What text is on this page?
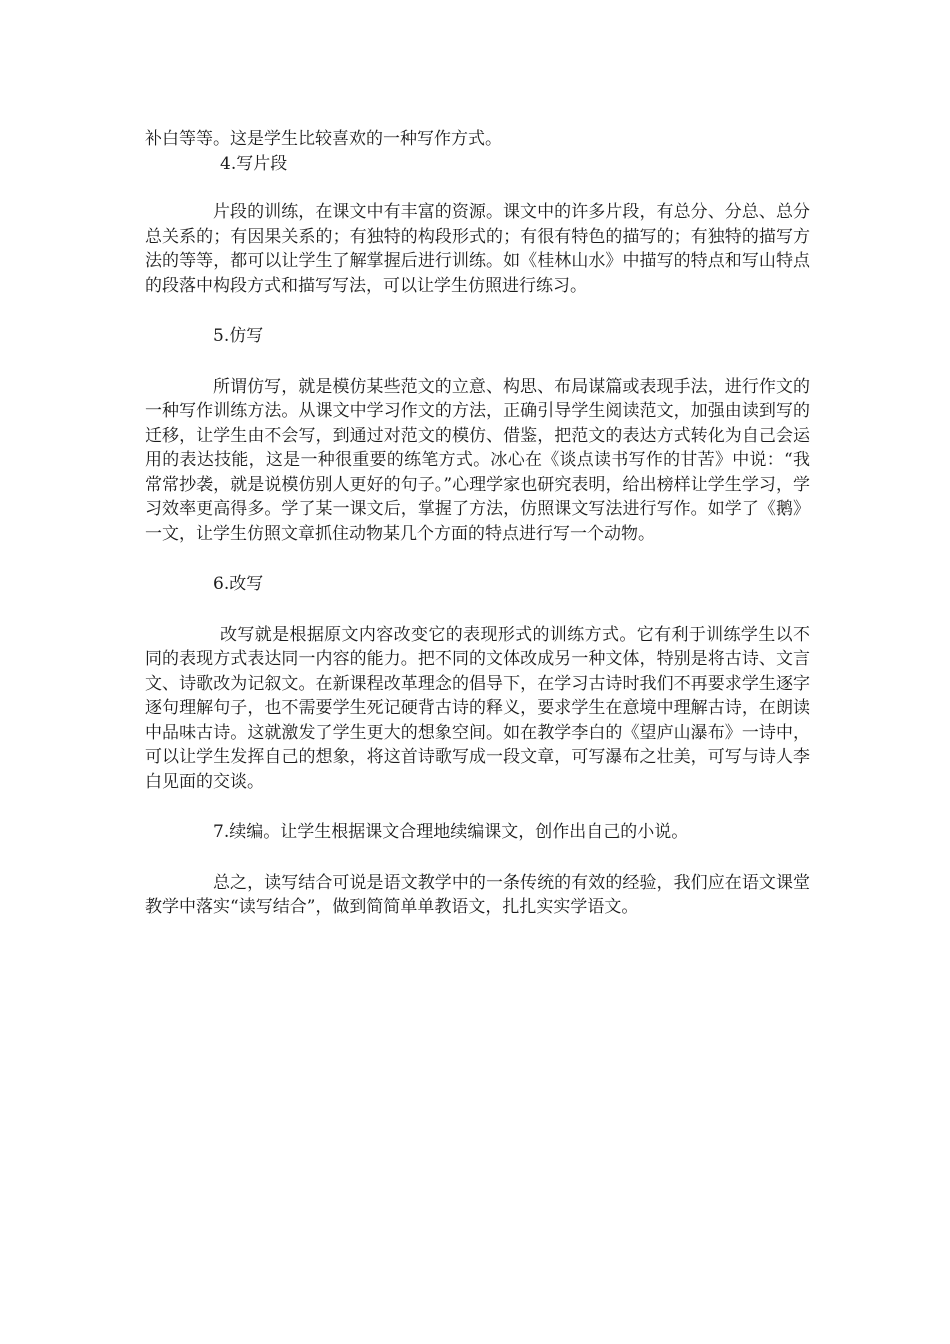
补白等等。这是学生比较喜欢的一种写作方式。

4.写片段

片段的训练，在课文中有丰富的资源。课文中的许多片段，有总分、分总、总分总关系的；有因果关系的；有独特的构段形式的；有很有特色的描写的；有独特的描写方法的等等，都可以让学生了解掌握后进行训练。如《桂林山水》中描写的特点和写山特点的段落中构段方式和描写写法，可以让学生仿照进行练习。

5.仿写

所谓仿写，就是模仿某些范文的立意、构思、布局谋篇或表现手法，进行作文的一种写作训练方法。从课文中学习作文的方法，正确引导学生阅读范文，加强由读到写的迁移，让学生由不会写，到通过对范文的模仿、借鉴，把范文的表达方式转化为自己会运用的表达技能，这是一种很重要的练笔方式。冰心在《谈点读书写作的甘苦》中说：“我常常抄袭，就是说模仿别人更好的句子。”心理学家也研究表明，给出榜样让学生学习，学习效率更高得多。学了某一课文后，掌握了方法，仿照课文写法进行写作。如学了《鹅》一文，让学生仿照文章抓住动物某几个方面的特点进行写一个动物。

6.改写

改写就是根据原文内容改变它的表现形式的训练方式。它有利于训练学生以不同的表现方式表达同一内容的能力。把不同的文体改成另一种文体，特别是将古诗、文言文、诗歌改为记叙文。在新课程改革理念的倡导下，在学习古诗时我们不再要求学生逐字逐句理解句子，也不需要学生死记硬背古诗的释义，要求学生在意境中理解古诗，在朗读中品味古诗。这就激发了学生更大的想象空间。如在教学李白的《望庐山瀑布》一诗中，可以让学生发挥自己的想象，将这首诗歌写成一段文章，可写瀑布之壮美，可写与诗人李白见面的交谈。

7.续编。让学生根据课文合理地续编课文，创作出自己的小说。

总之，读写结合可说是语文教学中的一条传统的有效的经验，我们应在语文课堂教学中落实“读写结合”，做到简简单单教语文，扎扎实实学语文。
